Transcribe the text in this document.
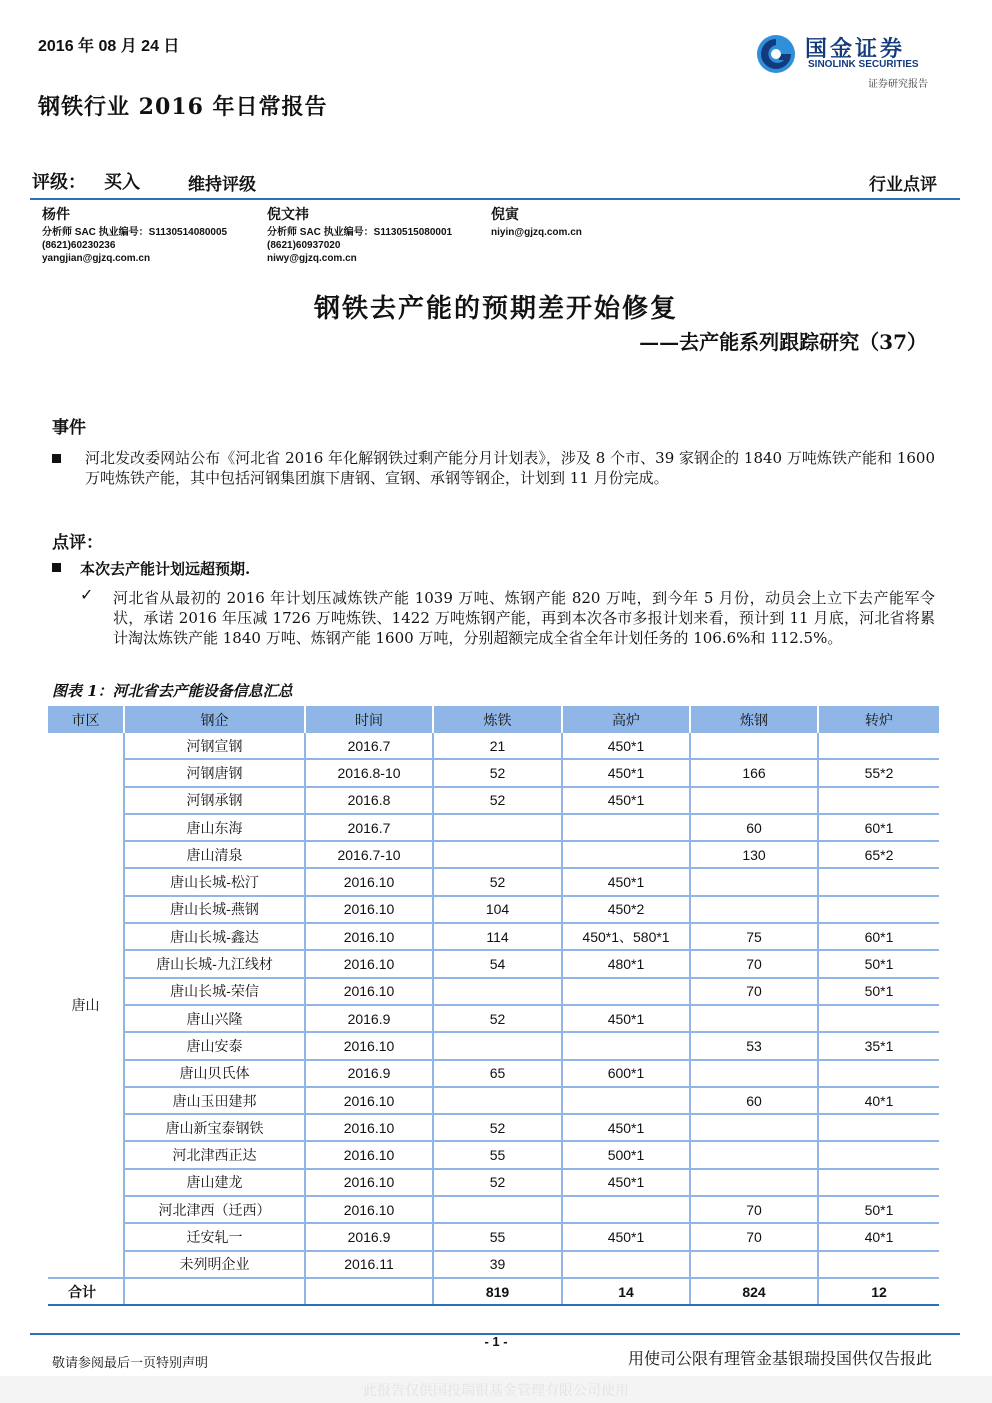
2016 年 08 月 24 日
钢铁行业 2016 年日常报告
国金证券
SINOLINK SECURITIES
证券研究报告
评级： 买入	维持评级	行业点评
杨件
分析师 SAC 执业编号：S1130514080005
(8621)60230236
yangjian@gjzq.com.cn
倪文祎
分析师 SAC 执业编号：S1130515080001
(8621)60937020
niwy@gjzq.com.cn
倪寅
niyin@gjzq.com.cn
钢铁去产能的预期差开始修复
——去产能系列跟踪研究（37）
事件
河北发改委网站公布《河北省 2016 年化解钢铁过剩产能分月计划表》，涉及 8 个市、39 家钢企的 1840 万吨炼铁产能和 1600 万吨炼铁产能，其中包括河钢集团旗下唐钢、宣钢、承钢等钢企，计划到 11 月份完成。
点评：
本次去产能计划远超预期.
✓ 河北省从最初的 2016 年计划压减炼铁产能 1039 万吨、炼钢产能 820 万吨，到今年 5 月份，动员会上立下去产能军令状，承诺 2016 年压减 1726 万吨炼铁、1422 万吨炼钢产能，再到本次各市多报计划来看，预计到 11 月底，河北省将累计淘汰炼铁产能 1840 万吨、炼钢产能 1600 万吨，分别超额完成全省全年计划任务的 106.6%和 112.5%。
图表 1：河北省去产能设备信息汇总
市区	钢企	时间	炼铁	高炉	炼钢	转炉
唐山	河钢宣钢	2016.7	21	450*1		
	河钢唐钢	2016.8-10	52	450*1	166	55*2
	河钢承钢	2016.8	52	450*1		
	唐山东海	2016.7			60	60*1
	唐山清泉	2016.7-10			130	65*2
	唐山长城-松汀	2016.10	52	450*1		
	唐山长城-燕钢	2016.10	104	450*2		
	唐山长城-鑫达	2016.10	114	450*1、580*1	75	60*1
	唐山长城-九江线材	2016.10	54	480*1	70	50*1
	唐山长城-荣信	2016.10			70	50*1
	唐山兴隆	2016.9	52	450*1		
	唐山安泰	2016.10			53	35*1
	唐山贝氏体	2016.9	65	600*1		
	唐山玉田建邦	2016.10			60	40*1
	唐山新宝泰钢铁	2016.10	52	450*1		
	河北津西正达	2016.10	55	500*1		
	唐山建龙	2016.10	52	450*1		
	河北津西（迁西）	2016.10			70	50*1
	迁安轧一	2016.9	55	450*1	70	40*1
	未列明企业	2016.11	39			
合计			819	14	824	12
- 1 -
敬请参阅最后一页特别声明	用使司公限有理管金基银瑞投国供仅告报此
此报告仅供国投瑞银基金管理有限公司使用
